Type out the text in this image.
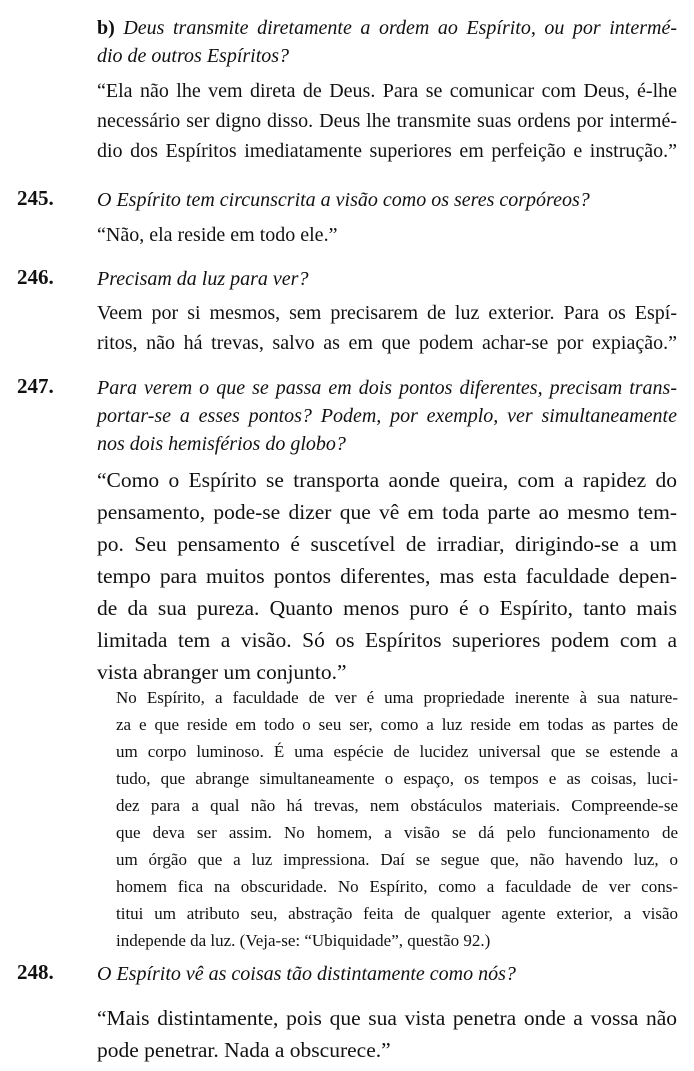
b) Deus transmite diretamente a ordem ao Espírito, ou por intermé-
dio de outros Espíritos?
“Ela não lhe vem direta de Deus. Para se comunicar com Deus, é-lhe
necessário ser digno disso. Deus lhe transmite suas ordens por intermé-
dio dos Espíritos imediatamente superiores em perfeição e instrução.”
245. O Espírito tem circunscrita a visão como os seres corpóreos?
“Não, ela reside em todo ele.”
246. Precisam da luz para ver?
Veem por si mesmos, sem precisarem de luz exterior. Para os Espí-
ritos, não há trevas, salvo as em que podem achar-se por expiação.”
247. Para verem o que se passa em dois pontos diferentes, precisam trans-
portar-se a esses pontos? Podem, por exemplo, ver simultaneamente
nos dois hemisférios do globo?
“Como o Espírito se transporta aonde queira, com a rapidez do
pensamento, pode-se dizer que vê em toda parte ao mesmo tem-
po. Seu pensamento é suscetível de irradiar, dirigindo-se a um
tempo para muitos pontos diferentes, mas esta faculdade depen-
de da sua pureza. Quanto menos puro é o Espírito, tanto mais
limitada tem a visão. Só os Espíritos superiores podem com a
vista abranger um conjunto.”
No Espírito, a faculdade de ver é uma propriedade inerente à sua nature-
za e que reside em todo o seu ser, como a luz reside em todas as partes de
um corpo luminoso. É uma espécie de lucidez universal que se estende a
tudo, que abrange simultaneamente o espaço, os tempos e as coisas, luci-
dez para a qual não há trevas, nem obstáculos materiais. Compreende-se
que deva ser assim. No homem, a visão se dá pelo funcionamento de
um órgão que a luz impressiona. Daí se segue que, não havendo luz, o
homem fica na obscuridade. No Espírito, como a faculdade de ver cons-
titui um atributo seu, abstração feita de qualquer agente exterior, a visão
independe da luz. (Veja-se: “Ubiquidade”, questão 92.)
248. O Espírito vê as coisas tão distintamente como nós?
“Mais distintamente, pois que sua vista penetra onde a vossa não
pode penetrar. Nada a obscurece.”
